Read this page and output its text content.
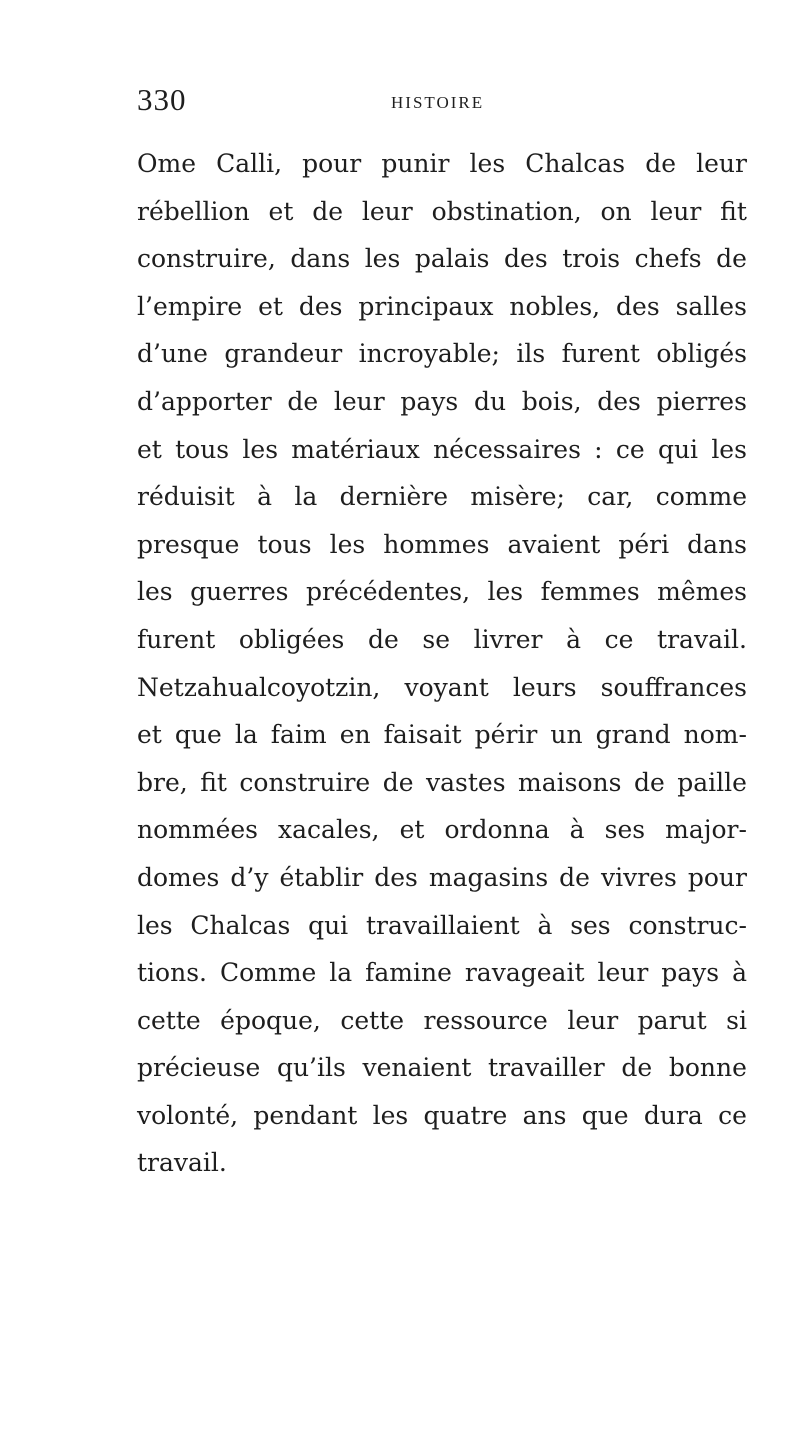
330	HISTOIRE
Ome Calli, pour punir les Chalcas de leur
rébellion et de leur obstination, on leur fit
construire, dans les palais des trois chefs de
l’empire et des principaux nobles, des salles
d’une grandeur incroyable; ils furent obligés
d’apporter de leur pays du bois, des pierres
et tous les matériaux nécessaires : ce qui les
réduisit à la dernière misère; car, comme
presque tous les hommes avaient péri dans
les guerres précédentes, les femmes mêmes
furent obligées de se livrer à ce travail.
Netzahualcoyotzin, voyant leurs souffrances
et que la faim en faisait périr un grand nom-
bre, fit construire de vastes maisons de paille
nommées xacales, et ordonna à ses major-
domes d’y établir des magasins de vivres pour
les Chalcas qui travaillaient à ses construc-
tions. Comme la famine ravageait leur pays à
cette époque, cette ressource leur parut si
précieuse qu’ils venaient travailler de bonne
volonté, pendant les quatre ans que dura ce
travail.
